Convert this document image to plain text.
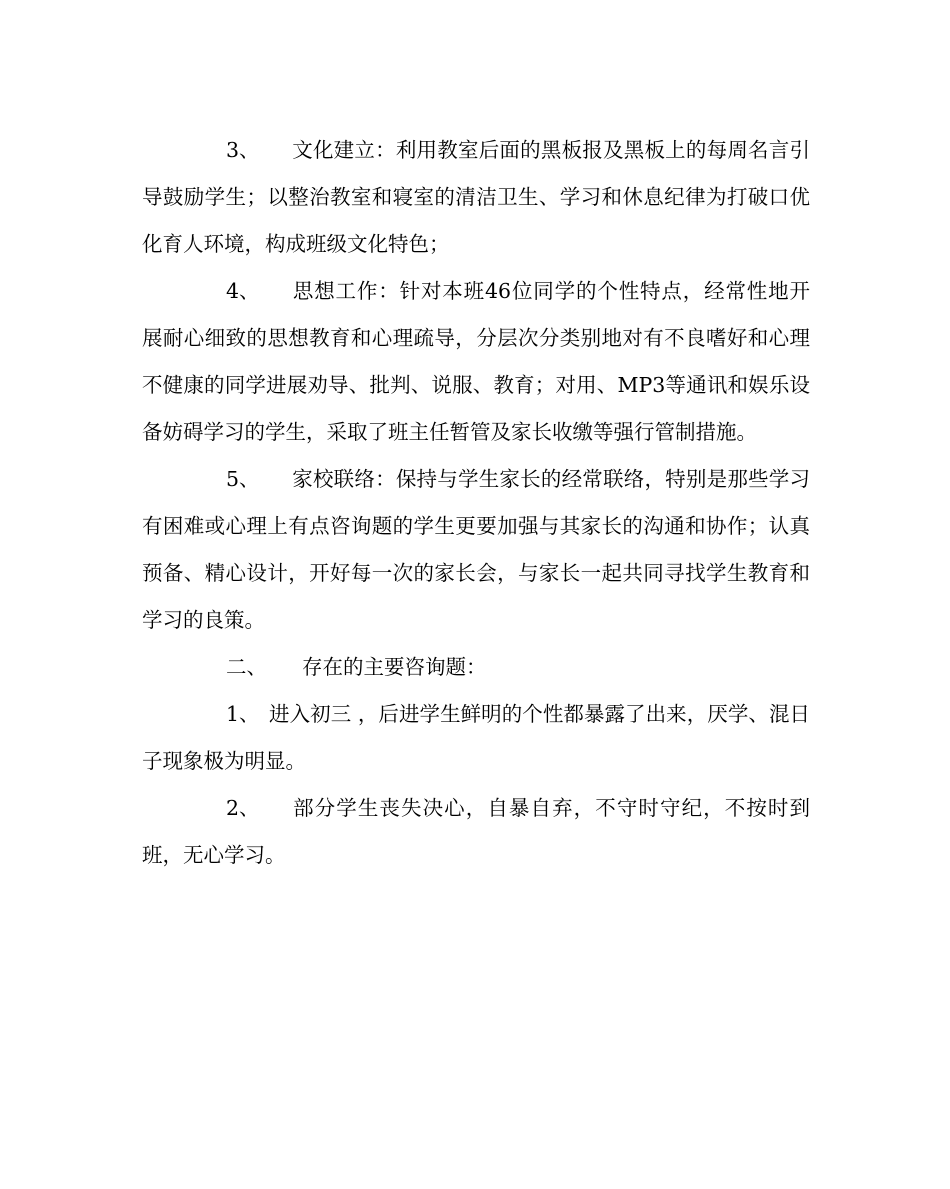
3、 文化建立：利用教室后面的黑板报及黑板上的每周名言引导鼓励学生；以整治教室和寝室的清洁卫生、学习和休息纪律为打破口优化育人环境，构成班级文化特色；

4、 思想工作：针对本班46位同学的个性特点，经常性地开展耐心细致的思想教育和心理疏导，分层次分类别地对有不良嗜好和心理不健康的同学进展劝导、批判、说服、教育；对用、MP3等通讯和娱乐设备妨碍学习的学生，采取了班主任暂管及家长收缴等强行管制措施。

5、 家校联络：保持与学生家长的经常联络，特别是那些学习有困难或心理上有点咨询题的学生更要加强与其家长的沟通和协作；认真预备、精心设计，开好每一次的家长会，与家长一起共同寻找学生教育和学习的良策。

二、 存在的主要咨询题：

1、 进入初三 ，后进学生鲜明的个性都暴露了出来，厌学、混日子现象极为明显。

2、 部分学生丧失决心，自暴自弃，不守时守纪，不按时到班，无心学习。
